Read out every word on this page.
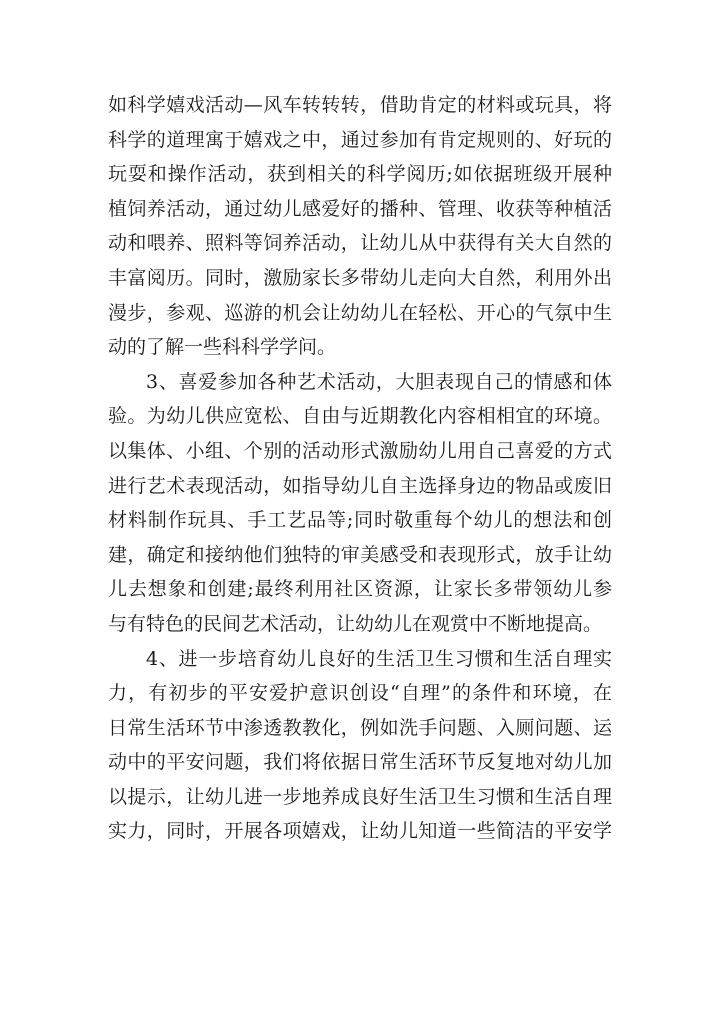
如科学嬉戏活动—风车转转转，借助肯定的材料或玩具，将
科学的道理寓于嬉戏之中，通过参加有肯定规则的、好玩的
玩耍和操作活动，获到相关的科学阅历;如依据班级开展种
植饲养活动，通过幼儿感爱好的播种、管理、收获等种植活
动和喂养、照料等饲养活动，让幼儿从中获得有关大自然的
丰富阅历。同时，激励家长多带幼儿走向大自然，利用外出
漫步，参观、巡游的机会让幼幼儿在轻松、开心的气氛中生
动的了解一些科科学学问。
3、喜爱参加各种艺术活动，大胆表现自己的情感和体
验。为幼儿供应宽松、自由与近期教化内容相相宜的环境。
以集体、小组、个别的活动形式激励幼儿用自己喜爱的方式
进行艺术表现活动，如指导幼儿自主选择身边的物品或废旧
材料制作玩具、手工艺品等;同时敬重每个幼儿的想法和创
建，确定和接纳他们独特的审美感受和表现形式，放手让幼
儿去想象和创建;最终利用社区资源，让家长多带领幼儿参
与有特色的民间艺术活动，让幼幼儿在观赏中不断地提高。
4、进一步培育幼儿良好的生活卫生习惯和生活自理实
力，有初步的平安爱护意识创设“自理”的条件和环境，在
日常生活环节中渗透教教化，例如洗手问题、入厕问题、运
动中的平安问题，我们将依据日常生活环节反复地对幼儿加
以提示，让幼儿进一步地养成良好生活卫生习惯和生活自理
实力，同时，开展各项嬉戏，让幼儿知道一些简洁的平安学
